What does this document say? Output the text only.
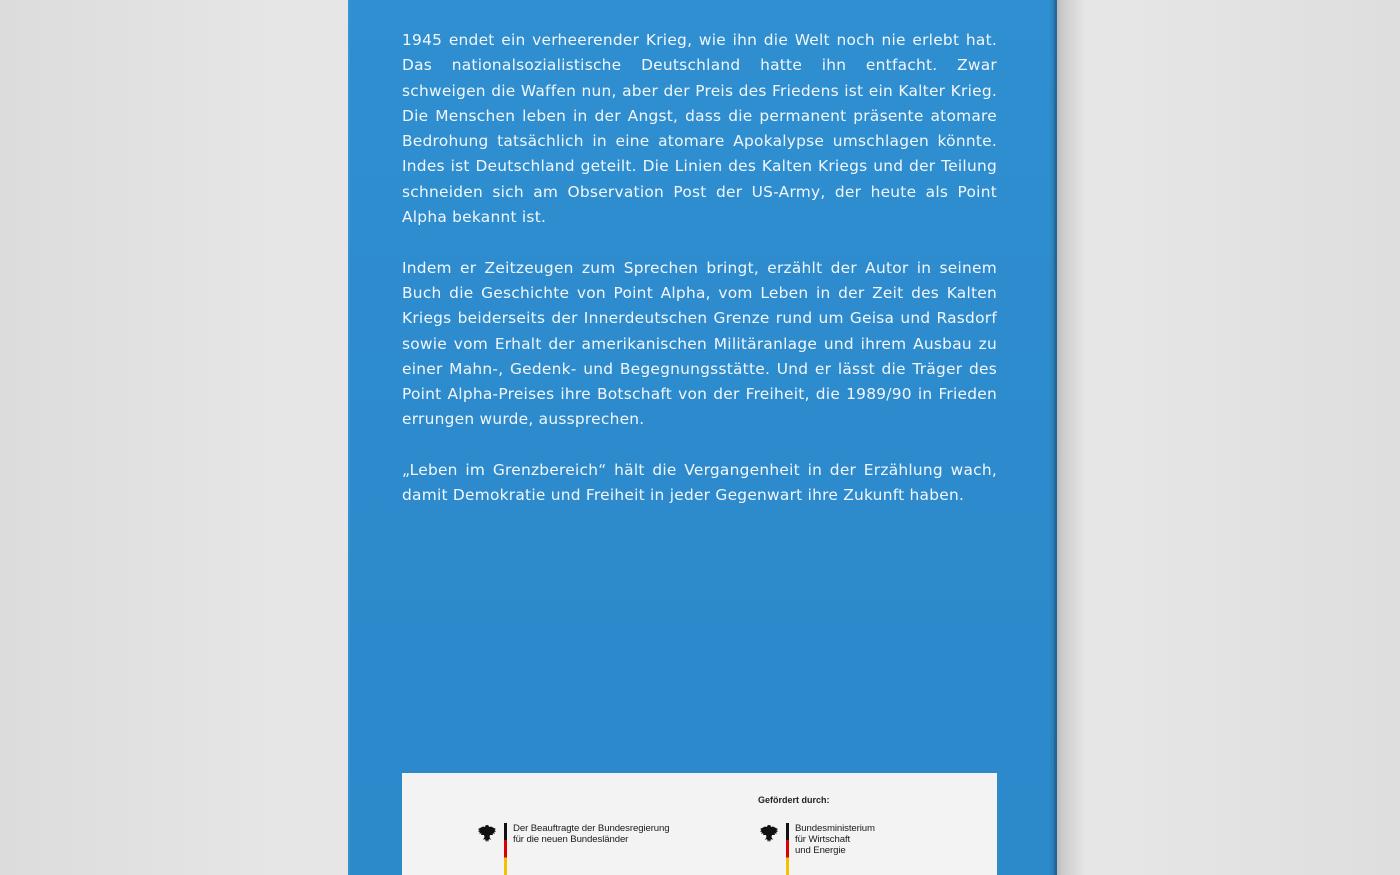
1945 endet ein verheerender Krieg, wie ihn die Welt noch nie erlebt hat. Das nationalsozialistische Deutschland hatte ihn entfacht. Zwar schweigen die Waffen nun, aber der Preis des Friedens ist ein Kalter Krieg. Die Menschen leben in der Angst, dass die permanent präsente atomare Bedrohung tatsächlich in eine atomare Apokalypse umschlagen könnte. Indes ist Deutschland geteilt. Die Linien des Kalten Kriegs und der Teilung schneiden sich am Observation Post der US-Army, der heute als Point Alpha bekannt ist.

Indem er Zeitzeugen zum Sprechen bringt, erzählt der Autor in seinem Buch die Geschichte von Point Alpha, vom Leben in der Zeit des Kalten Kriegs beiderseits der Innerdeutschen Grenze rund um Geisa und Rasdorf sowie vom Erhalt der amerikanischen Militäranlage und ihrem Ausbau zu einer Mahn-, Gedenk- und Begegnungsstätte. Und er lässt die Träger des Point Alpha-Preises ihre Botschaft von der Freiheit, die 1989/90 in Frieden errungen wurde, aussprechen.

„Leben im Grenzbereich“ hält die Vergangenheit in der Erzählung wach, damit Demokratie und Freiheit in jeder Gegenwart ihre Zukunft haben.

Gefördert durch:
Der Beauftragte der Bundesregierung
für die neuen Bundesländer
Bundesministerium
für Wirtschaft
und Energie
